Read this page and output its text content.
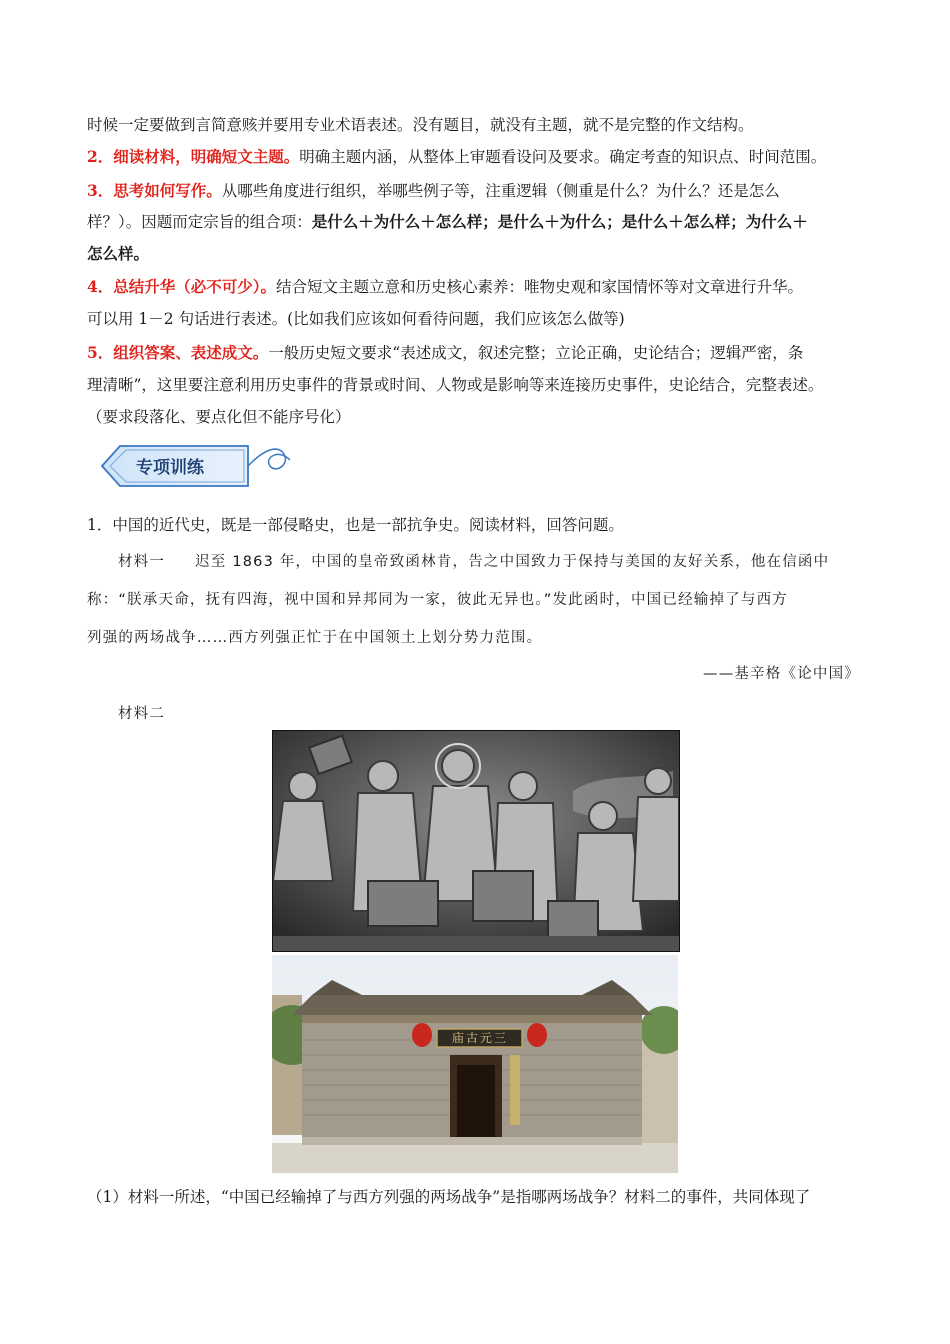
时候一定要做到言简意赅并要用专业术语表述。没有题目，就没有主题，就不是完整的作文结构。
2．细读材料，明确短文主题。明确主题内涵，从整体上审题看设问及要求。确定考查的知识点、时间范围。
3．思考如何写作。从哪些角度进行组织，举哪些例子等，注重逻辑（侧重是什么？为什么？还是怎么
样？）。因题而定宗旨的组合项：是什么＋为什么＋怎么样；是什么＋为什么；是什么＋怎么样；为什么＋
怎么样。
4．总结升华（必不可少）。结合短文主题立意和历史核心素养：唯物史观和家国情怀等对文章进行升华。
可以用 1－2 句话进行表述。(比如我们应该如何看待问题，我们应该怎么做等)
5．组织答案、表述成文。一般历史短文要求“表述成文，叙述完整；立论正确，史论结合；逻辑严密，条
理清晰”，这里要注意利用历史事件的背景或时间、人物或是影响等来连接历史事件，史论结合，完整表述。
（要求段落化、要点化但不能序号化）
专项训练
1．中国的近代史，既是一部侵略史，也是一部抗争史。阅读材料，回答问题。
材料一 迟至 1863 年，中国的皇帝致函林肯，告之中国致力于保持与美国的友好关系，他在信函中
称：“朕承天命，抚有四海，视中国和异邦同为一家，彼此无异也。”发此函时，中国已经输掉了与西方
列强的两场战争……西方列强正忙于在中国领土上划分势力范围。
——基辛格《论中国》
材料二
三元古庙
（1）材料一所述，“中国已经输掉了与西方列强的两场战争”是指哪两场战争？材料二的事件，共同体现了
